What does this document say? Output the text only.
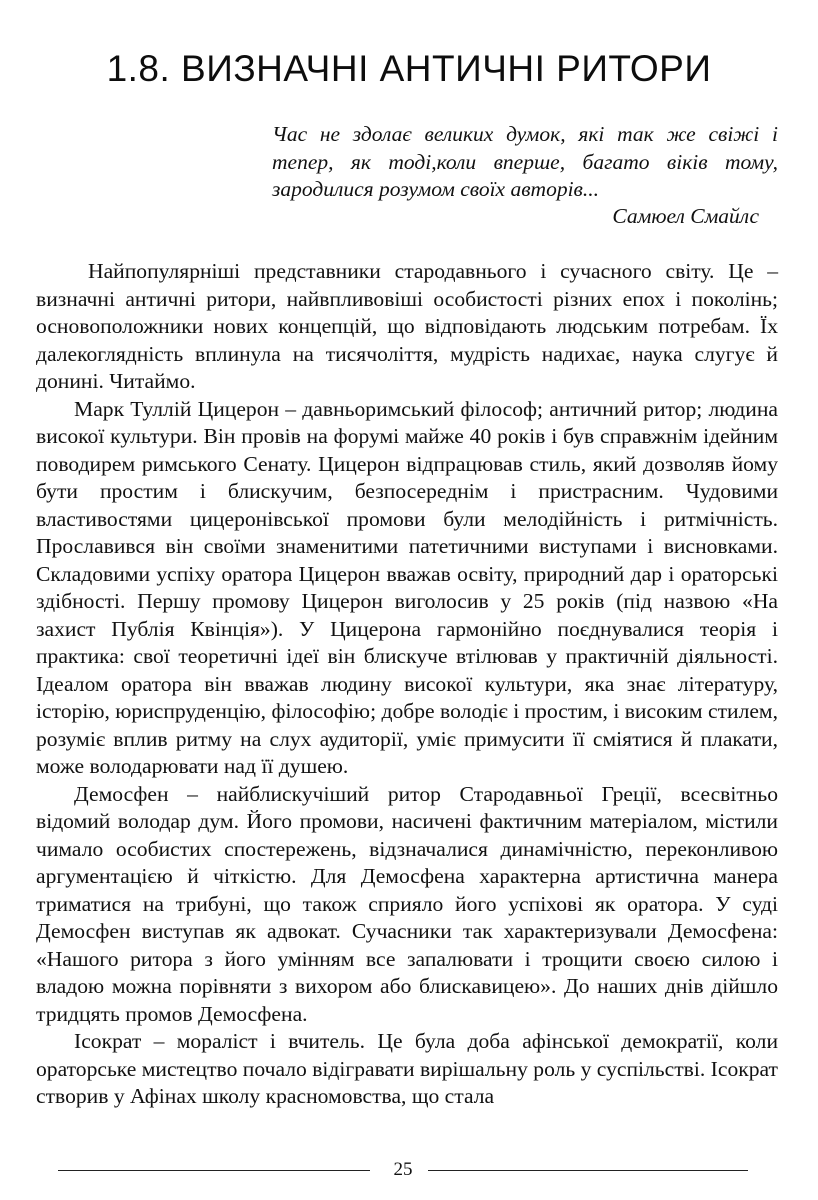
1.8. ВИЗНАЧНІ АНТИЧНІ РИТОРИ

Час не здолає великих думок, які так же свіжі і тепер, як тоді,коли вперше, багато віків тому, зародилися розумом своїх авторів...

Самюел Смайлс

Найпопулярніші представники стародавнього і сучасного світу. Це – визначні античні ритори, найвпливовіші особистості різних епох і поколінь; основоположники нових концепцій, що відповідають людським потребам. Їх далекоглядність вплинула на тисячоліття, мудрість надихає, наука слугує й донині. Читаймо.

Марк Туллій Цицерон – давньоримський філософ; античний ритор; людина високої культури. Він провів на форумі майже 40 років і був справжнім ідейним поводирем римського Сенату. Цицерон відпрацював стиль, який дозволяв йому бути простим і блискучим, безпосереднім і пристрасним. Чудовими властивостями цицеронівської промови були мелодійність і ритмічність. Прославився він своїми знаменитими патетичними виступами і висновками. Складовими успіху оратора Цицерон вважав освіту, природний дар і ораторські здібності. Першу промову Цицерон виголосив у 25 років (під назвою «На захист Публія Квінція»). У Цицерона гармонійно поєднувалися теорія і практика: свої теоретичні ідеї він блискуче втілював у практичній діяльності. Ідеалом оратора він вважав людину високої культури, яка знає літературу, історію, юриспруденцію, філософію; добре володіє і простим, і високим стилем, розуміє вплив ритму на слух аудиторії, уміє примусити її сміятися й плакати, може володарювати над її душею.

Демосфен – найблискучіший ритор Стародавньої Греції, всесвітньо відомий володар дум. Його промови, насичені фактичним матеріалом, містили чимало особистих спостережень, відзначалися динамічністю, переконливою аргументацією й чіткістю. Для Демосфена характерна артистична манера триматися на трибуні, що також сприяло його успіхові як оратора. У суді Демосфен виступав як адвокат. Сучасники так характеризували Демосфена: «Нашого ритора з його умінням все запалювати і трощити своєю силою і владою можна порівняти з вихором або блискавицею». До наших днів дійшло тридцять промов Демосфена.

Ісократ – мораліст і вчитель. Це була доба афінської демократії, коли ораторське мистецтво почало відігравати вирішальну роль у суспільстві. Ісократ створив у Афінах школу красномовства, що стала

25
